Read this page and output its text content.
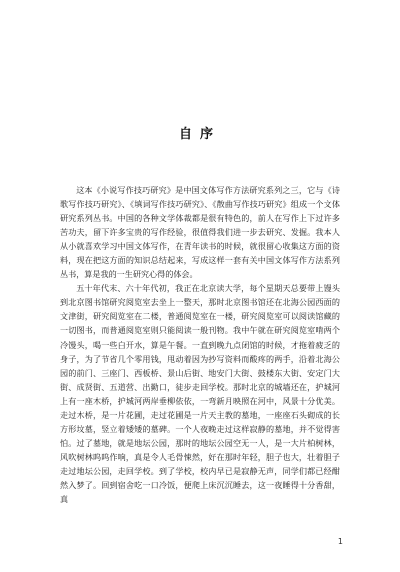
自序

这本《小说写作技巧研究》是中国文体写作方法研究系列之三，它与《诗歌写作技巧研究》、《填词写作技巧研究》、《散曲写作技巧研究》组成一个文体研究系列丛书。中国的各种文学体裁都是很有特色的，前人在写作上下过许多苦功夫，留下许多宝贵的写作经验，很值得我们进一步去研究、发掘。我本人从小就喜欢学习中国文体写作，在青年读书的时候，就很留心收集这方面的资料，现在把这方面的知识总结起来，写成这样一套有关中国文体写作方法系列丛书，算是我的一生研究心得的体会。

五十年代末、六十年代初，我正在北京读大学，每个星期天总要带上馒头到北京图书馆研究阅览室去坐上一整天，那时北京图书馆还在北海公园西面的文津街，研究阅览室在二楼，普通阅览室在一楼，研究阅览室可以阅读馆藏的一切图书，而普通阅览室则只能阅读一般刊物。我中午就在研究阅览室啃两个冷馒头，喝一些白开水，算是午餐。一直到晚九点闭馆的时候，才拖着疲乏的身子，为了节省几个零用钱，甩动着因为抄写资料而酸疼的两手，沿着北海公园的前门、三座门、西板桥、景山后街、地安门大街、鼓楼东大街、安定门大街、成贤街、五道营、出勤口，徒步走回学校。那时北京的城墙还在，护城河上有一座木桥，护城河两岸垂柳依依，一弯新月映照在河中，风景十分优美。走过木桥，是一片花圃，走过花圃是一片天主教的墓地，一座座石头砌成的长方形坟墓，竖立着矮矮的墓碑。一个人夜晚走过这样寂静的墓地，并不觉得害怕。过了墓地，就是地坛公园，那时的地坛公园空无一人，是一大片柏树林，风吹树林呜呜作响，真是令人毛骨悚然，好在那时年轻，胆子也大，壮着胆子走过地坛公园，走回学校。到了学校，校内早已是寂静无声，同学们都已经酣然入梦了。回到宿舍吃一口冷饭，便爬上床沉沉睡去，这一夜睡得十分香甜，真

1
